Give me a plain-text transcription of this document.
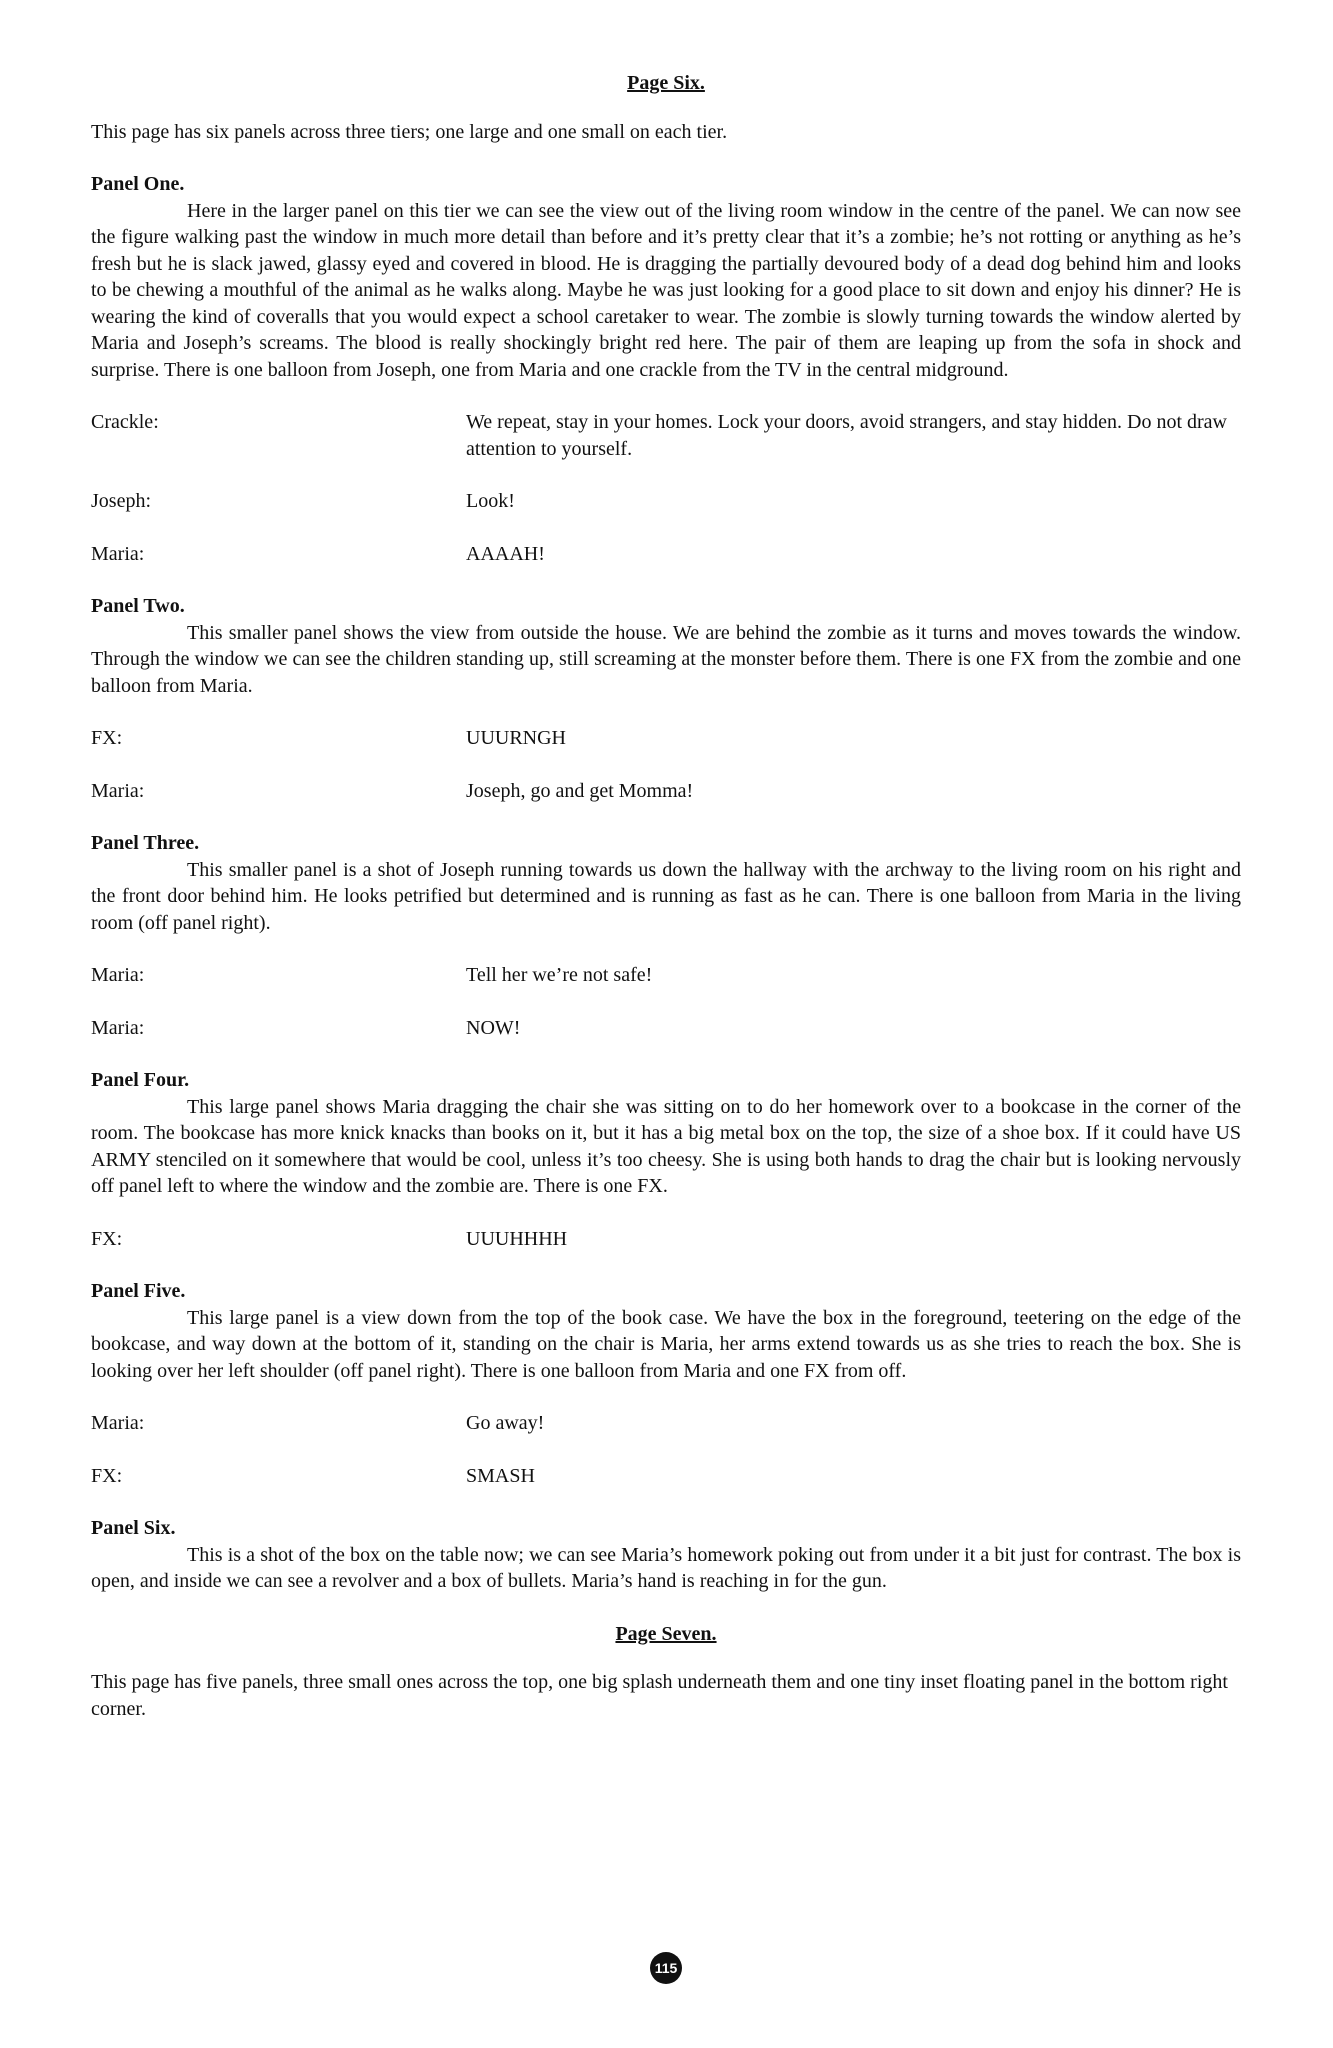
Page Six.

This page has six panels across three tiers; one large and one small on each tier.

Panel One.

Here in the larger panel on this tier we can see the view out of the living room window in the centre of the panel. We can now see the figure walking past the window in much more detail than before and it’s pretty clear that it’s a zombie; he’s not rotting or anything as he’s fresh but he is slack jawed, glassy eyed and covered in blood. He is dragging the partially devoured body of a dead dog behind him and looks to be chewing a mouthful of the animal as he walks along. Maybe he was just looking for a good place to sit down and enjoy his dinner? He is wearing the kind of coveralls that you would expect a school caretaker to wear. The zombie is slowly turning towards the window alerted by Maria and Joseph’s screams. The blood is really shockingly bright red here. The pair of them are leaping up from the sofa in shock and surprise. There is one balloon from Joseph, one from Maria and one crackle from the TV in the central midground.

Crackle:	We repeat, stay in your homes. Lock your doors, avoid strangers, and stay hidden. Do not draw attention to yourself.
Joseph:	Look!
Maria:	AAAAH!
Panel Two.

This smaller panel shows the view from outside the house. We are behind the zombie as it turns and moves towards the window. Through the window we can see the children standing up, still screaming at the monster before them. There is one FX from the zombie and one balloon from Maria.

FX:	UUURNGH
Maria:	Joseph, go and get Momma!
Panel Three.

This smaller panel is a shot of Joseph running towards us down the hallway with the archway to the living room on his right and the front door behind him. He looks petrified but determined and is running as fast as he can. There is one balloon from Maria in the living room (off panel right).

Maria:	Tell her we’re not safe!
Maria:	NOW!
Panel Four.

This large panel shows Maria dragging the chair she was sitting on to do her homework over to a bookcase in the corner of the room. The bookcase has more knick knacks than books on it, but it has a big metal box on the top, the size of a shoe box. If it could have US ARMY stenciled on it somewhere that would be cool, unless it’s too cheesy. She is using both hands to drag the chair but is looking nervously off panel left to where the window and the zombie are. There is one FX.

FX:	UUUHHHH
Panel Five.

This large panel is a view down from the top of the book case. We have the box in the foreground, teetering on the edge of the bookcase, and way down at the bottom of it, standing on the chair is Maria, her arms extend towards us as she tries to reach the box. She is looking over her left shoulder (off panel right). There is one balloon from Maria and one FX from off.

Maria:	Go away!
FX:	SMASH
Panel Six.

This is a shot of the box on the table now; we can see Maria’s homework poking out from under it a bit just for contrast. The box is open, and inside we can see a revolver and a box of bullets. Maria’s hand is reaching in for the gun.

Page Seven.

This page has five panels, three small ones across the top, one big splash underneath them and one tiny inset floating panel in the bottom right corner.

115
